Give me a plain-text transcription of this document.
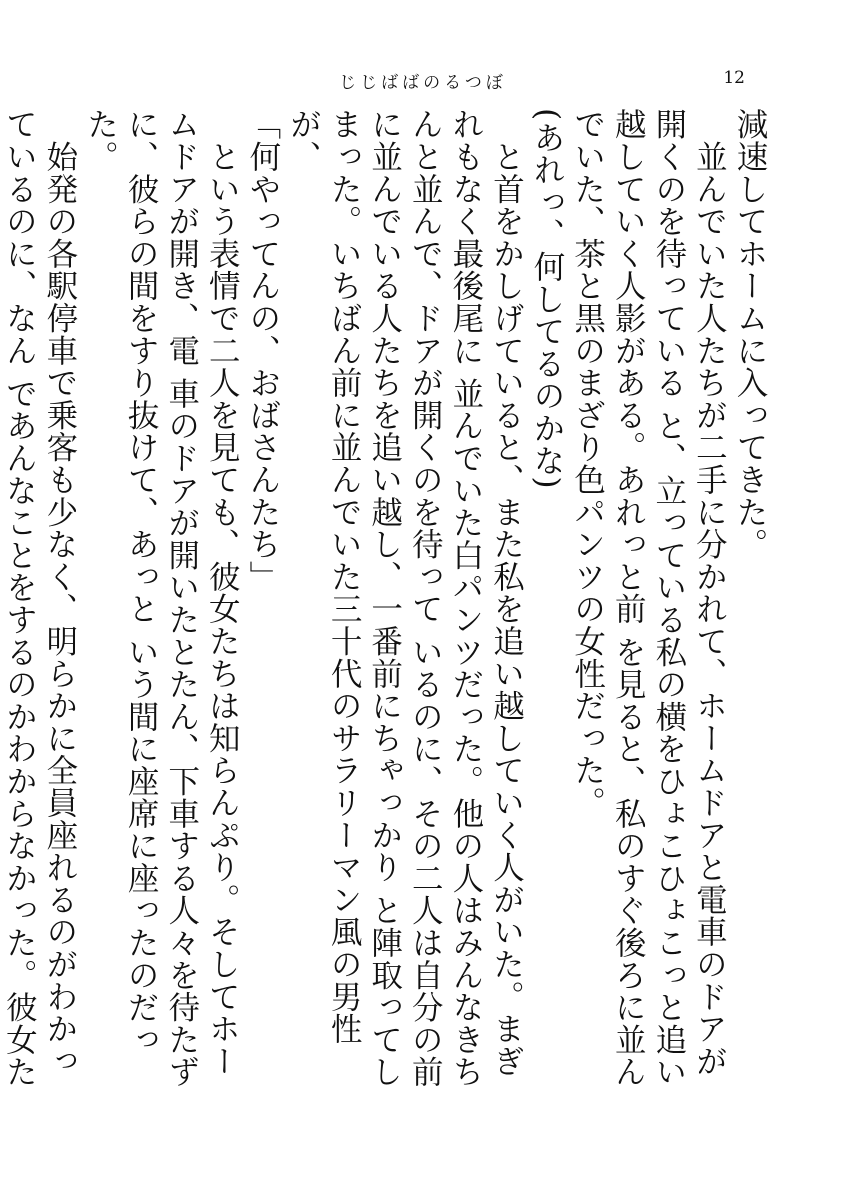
じじばばのるつぼ	12

減速してホームに入ってきた。

　並んでいた人たちが二手に分かれて、ホームドアと電車のドアが開くのを待っている と、立っている私の横をひょこひょこっと追い越していく人影がある。あれっと前 を見ると、私のすぐ後ろに並んでいた、茶と黒のまざり色パンツの女性だった。

(あれっ、何してるのかな)

　と首をかしげていると、また私を追い越していく人がいた。まぎれもなく最後尾に 並んでいた白パンツだった。他の人はみんなきちんと並んで、ドアが開くのを待って いるのに、その二人は自分の前に並んでいる人たちを追い越し、一番前にちゃっかり と陣取ってしまった。いちばん前に並んでいた三十代のサラリーマン風の男性が、

「何やってんの、おばさんたち」

　という表情で二人を見ても、彼女たちは知らんぷり。そしてホームドアが開き、電 車のドアが開いたとたん、下車する人々を待たずに、彼らの間をすり抜けて、あっと いう間に座席に座ったのだった。

　始発の各駅停車で乗客も少なく、明らかに全員座れるのがわかっているのに、なん であんなことをするのかわからなかった。彼女た
